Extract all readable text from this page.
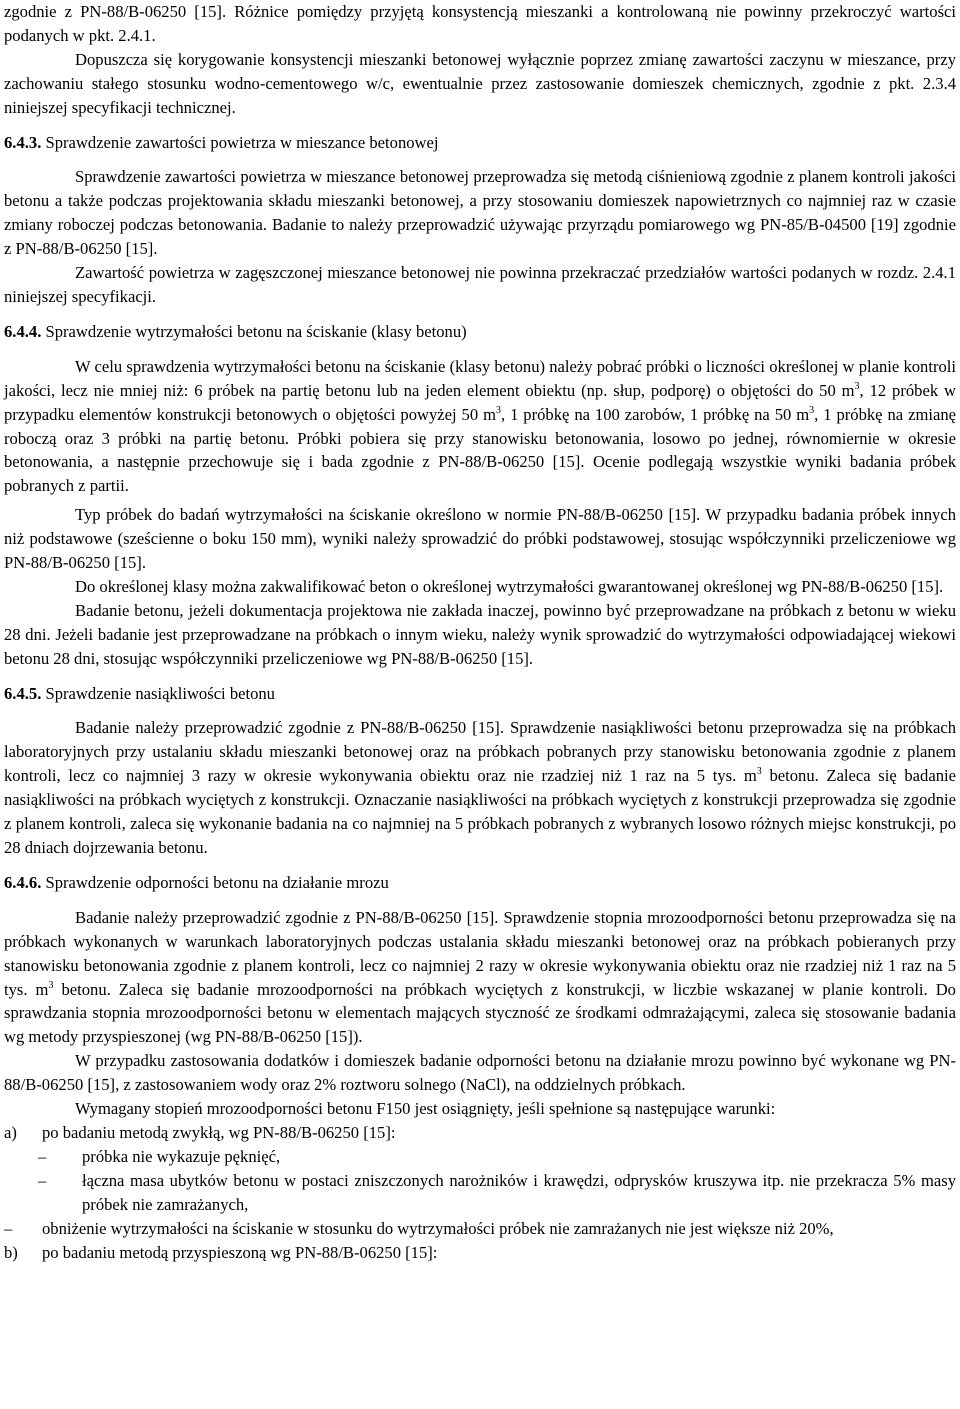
zgodnie z PN-88/B-06250 [15]. Różnice pomiędzy przyjętą konsystencją mieszanki a kontrolowaną nie powinny przekroczyć wartości podanych w pkt. 2.4.1.

Dopuszcza się korygowanie konsystencji mieszanki betonowej wyłącznie poprzez zmianę zawartości zaczynu w mieszance, przy zachowaniu stałego stosunku wodno-cementowego w/c, ewentualnie przez zastosowanie domieszek chemicznych, zgodnie z pkt. 2.3.4 niniejszej specyfikacji technicznej.

6.4.3. Sprawdzenie zawartości powietrza w mieszance betonowej

Sprawdzenie zawartości powietrza w mieszance betonowej przeprowadza się metodą ciśnieniową zgodnie z planem kontroli jakości betonu a także podczas projektowania składu mieszanki betonowej, a przy stosowaniu domieszek napowietrznych co najmniej raz w czasie zmiany roboczej podczas betonowania. Badanie to należy przeprowadzić używając przyrządu pomiarowego wg PN-85/B-04500 [19] zgodnie z PN-88/B-06250 [15].

Zawartość powietrza w zagęszczonej mieszance betonowej nie powinna przekraczać przedziałów wartości podanych w rozdz. 2.4.1 niniejszej specyfikacji.

6.4.4. Sprawdzenie wytrzymałości betonu na ściskanie (klasy betonu)

W celu sprawdzenia wytrzymałości betonu na ściskanie (klasy betonu) należy pobrać próbki o liczności określonej w planie kontroli jakości, lecz nie mniej niż: 6 próbek na partię betonu lub na jeden element obiektu (np. słup, podporę) o objętości do 50 $m^3$, 12 próbek w przypadku elementów konstrukcji betonowych o objętości powyżej 50 $m^3$, 1 próbkę na 100 zarobów, 1 próbkę na 50 $m^3$, 1 próbkę na zmianę roboczą oraz 3 próbki na partię betonu. Próbki pobiera się przy stanowisku betonowania, losowo po jednej, równomiernie w okresie betonowania, a następnie przechowuje się i bada zgodnie z PN-88/B-06250 [15]. Ocenie podlegają wszystkie wyniki badania próbek pobranych z partii.

Typ próbek do badań wytrzymałości na ściskanie określono w normie PN-88/B-06250 [15]. W przypadku badania próbek innych niż podstawowe (sześcienne o boku 150 mm), wyniki należy sprowadzić do próbki podstawowej, stosując współczynniki przeliczeniowe wg PN-88/B-06250 [15].

Do określonej klasy można zakwalifikować beton o określonej wytrzymałości gwarantowanej określonej wg PN-88/B-06250 [15].

Badanie betonu, jeżeli dokumentacja projektowa nie zakłada inaczej, powinno być przeprowadzane na próbkach z betonu w wieku 28 dni. Jeżeli badanie jest przeprowadzane na próbkach o innym wieku, należy wynik sprowadzić do wytrzymałości odpowiadającej wiekowi betonu 28 dni, stosując współczynniki przeliczeniowe wg PN-88/B-06250 [15].

6.4.5. Sprawdzenie nasiąkliwości betonu

Badanie należy przeprowadzić zgodnie z PN-88/B-06250 [15]. Sprawdzenie nasiąkliwości betonu przeprowadza się na próbkach laboratoryjnych przy ustalaniu składu mieszanki betonowej oraz na próbkach pobranych przy stanowisku betonowania zgodnie z planem kontroli, lecz co najmniej 3 razy w okresie wykonywania obiektu oraz nie rzadziej niż 1 raz na 5 tys. $m^3$ betonu. Zaleca się badanie nasiąkliwości na próbkach wyciętych z konstrukcji. Oznaczanie nasiąkliwości na próbkach wyciętych z konstrukcji przeprowadza się zgodnie z planem kontroli, zaleca się wykonanie badania na co najmniej na 5 próbkach pobranych z wybranych losowo różnych miejsc konstrukcji, po 28 dniach dojrzewania betonu.

6.4.6. Sprawdzenie odporności betonu na działanie mrozu

Badanie należy przeprowadzić zgodnie z PN-88/B-06250 [15]. Sprawdzenie stopnia mrozoodporności betonu przeprowadza się na próbkach wykonanych w warunkach laboratoryjnych podczas ustalania składu mieszanki betonowej oraz na próbkach pobieranych przy stanowisku betonowania zgodnie z planem kontroli, lecz co najmniej 2 razy w okresie wykonywania obiektu oraz nie rzadziej niż 1 raz na 5 tys. $m^3$ betonu. Zaleca się badanie mrozoodporności na próbkach wyciętych z konstrukcji, w liczbie wskazanej w planie kontroli. Do sprawdzania stopnia mrozoodporności betonu w elementach mających styczność ze środkami odmrażającymi, zaleca się stosowanie badania wg metody przyspieszonej (wg PN-88/B-06250 [15]).

W przypadku zastosowania dodatków i domieszek badanie odporności betonu na działanie mrozu powinno być wykonane wg PN-88/B-06250 [15], z zastosowaniem wody oraz 2% roztworu solnego (NaCl), na oddzielnych próbkach.

Wymagany stopień mrozoodporności betonu F150 jest osiągnięty, jeśli spełnione są następujące warunki:

a) po badaniu metodą zwykłą, wg PN-88/B-06250 [15]:
– próbka nie wykazuje pęknięć,
– łączna masa ubytków betonu w postaci zniszczonych narożników i krawędzi, odprysków kruszywa itp. nie przekracza 5% masy próbek nie zamrażanych,
– obniżenie wytrzymałości na ściskanie w stosunku do wytrzymałości próbek nie zamrażanych nie jest większe niż 20%,
b) po badaniu metodą przyspieszoną wg PN-88/B-06250 [15]:
